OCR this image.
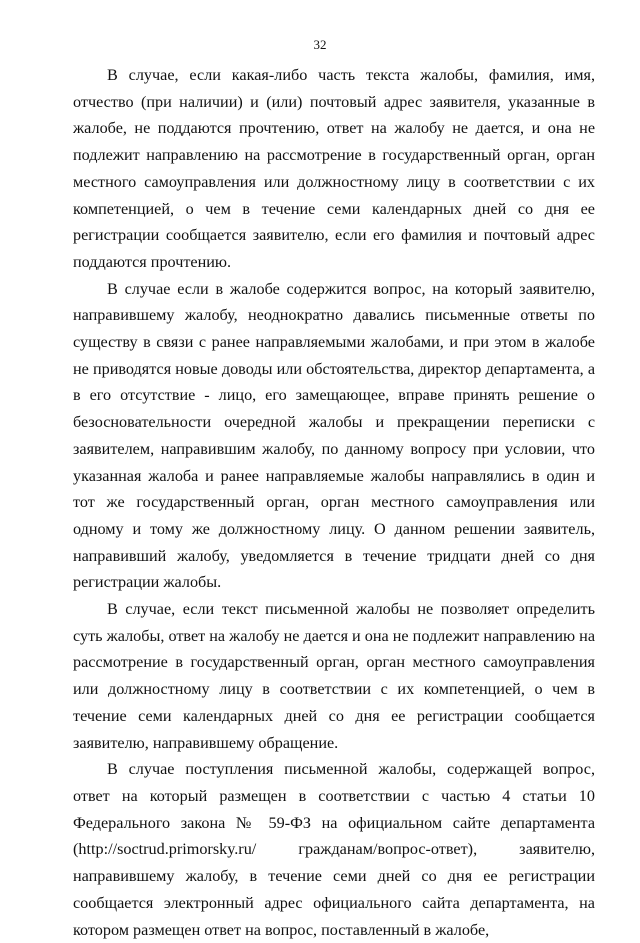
32

В случае, если какая-либо часть текста жалобы, фамилия, имя, отчество (при наличии) и (или) почтовый адрес заявителя, указанные в жалобе, не поддаются прочтению, ответ на жалобу не дается, и она не подлежит направлению на рассмотрение в государственный орган, орган местного самоуправления или должностному лицу в соответствии с их компетенцией, о чем в течение семи календарных дней со дня ее регистрации сообщается заявителю, если его фамилия и почтовый адрес поддаются прочтению.

В случае если в жалобе содержится вопрос, на который заявителю, направившему жалобу, неоднократно давались письменные ответы по существу в связи с ранее направляемыми жалобами, и при этом в жалобе не приводятся новые доводы или обстоятельства, директор департамента, а в его отсутствие - лицо, его замещающее, вправе принять решение о безосновательности очередной жалобы и прекращении переписки с заявителем, направившим жалобу, по данному вопросу при условии, что указанная жалоба и ранее направляемые жалобы направлялись в один и тот же государственный орган, орган местного самоуправления или одному и тому же должностному лицу. О данном решении заявитель, направивший жалобу, уведомляется в течение тридцати дней со дня регистрации жалобы.

В случае, если текст письменной жалобы не позволяет определить суть жалобы, ответ на жалобу не дается и она не подлежит направлению на рассмотрение в государственный орган, орган местного самоуправления или должностному лицу в соответствии с их компетенцией, о чем в течение семи календарных дней со дня ее регистрации сообщается заявителю, направившему обращение.

В случае поступления письменной жалобы, содержащей вопрос, ответ на который размещен в соответствии с частью 4 статьи 10 Федерального закона № 59-ФЗ на официальном сайте департамента (http://soctrud.primorsky.ru/ гражданам/вопрос-ответ), заявителю, направившему жалобу, в течение семи дней со дня ее регистрации сообщается электронный адрес официального сайта департамента, на котором размещен ответ на вопрос, поставленный в жалобе,
